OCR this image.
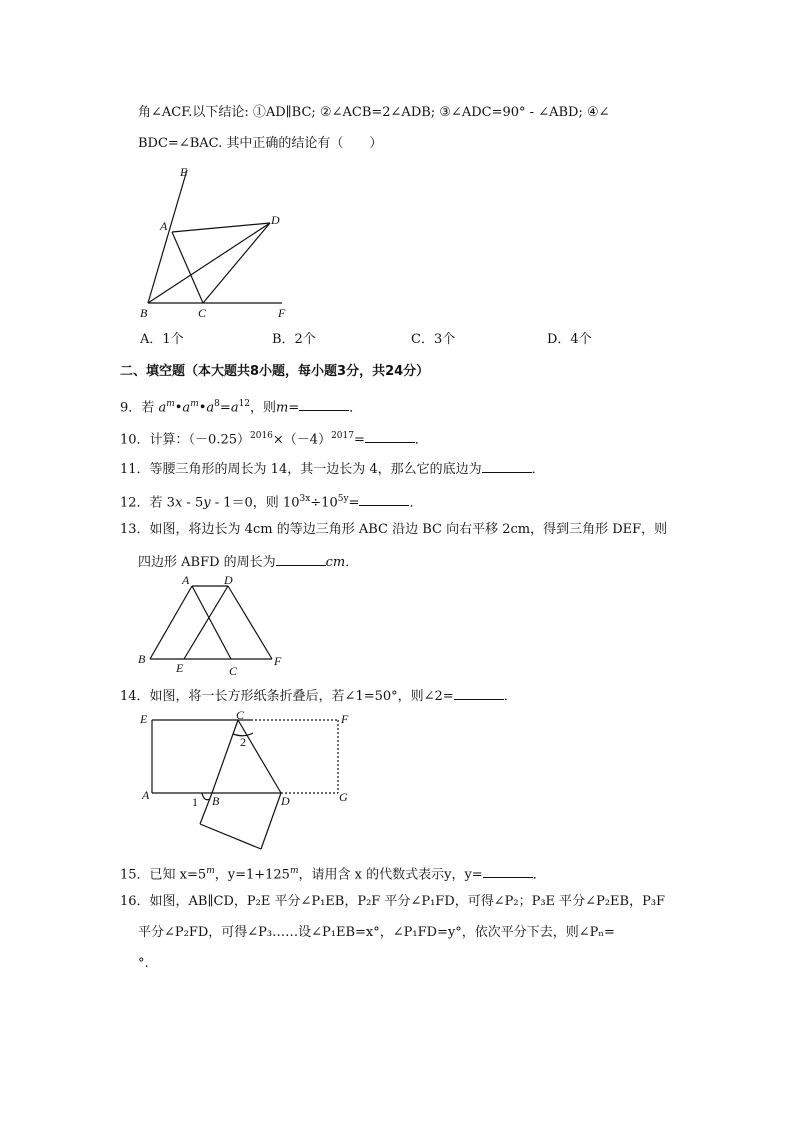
角∠ACF.以下结论: ①AD∥BC; ②∠ACB=2∠ADB; ③∠ADC=90° - ∠ABD; ④∠
BDC=∠BAC. 其中正确的结论有（　　）
E
A	D
B	C	F
A．1个	B．2个	C．3个	D．4个
二、填空题（本大题共8小题，每小题3分，共24分）
9．若 $a^m•a^m•a^8=a^{12}$，则m=	．
10．计算：$(-0.25)^{2016}\times(-4)^{2017}=$	．
11．等腰三角形的周长为 14，其一边长为 4，那么它的底边为	．
12．若 3x - 5y - 1＝0，则 $10^{3x}\div 10^{5y}=$	．
13．如图，将边长为 4cm 的等边三角形 ABC 沿边 BC 向右平移 2cm，得到三角形 DEF，则
四边形 ABFD 的周长为	cm．
A	D
B
E	C
F
14．如图，将一长方形纸条折叠后，若∠1=50°，则∠2=	．
E	C	F
2
A	1 B	D	G
15．已知 $x=5^m$，$y=1+125^m$，请用含 x 的代数式表示y，y=	．
16．如图，AB∥CD，P₂E 平分∠P₁EB，P₂F 平分∠P₁FD，可得∠P₂；P₃E 平分∠P₂EB，P₃F
平分∠P₂FD，可得∠P₃……设∠P₁EB=x°，∠P₁FD=y°，依次平分下去，则∠Pₙ=
°.
